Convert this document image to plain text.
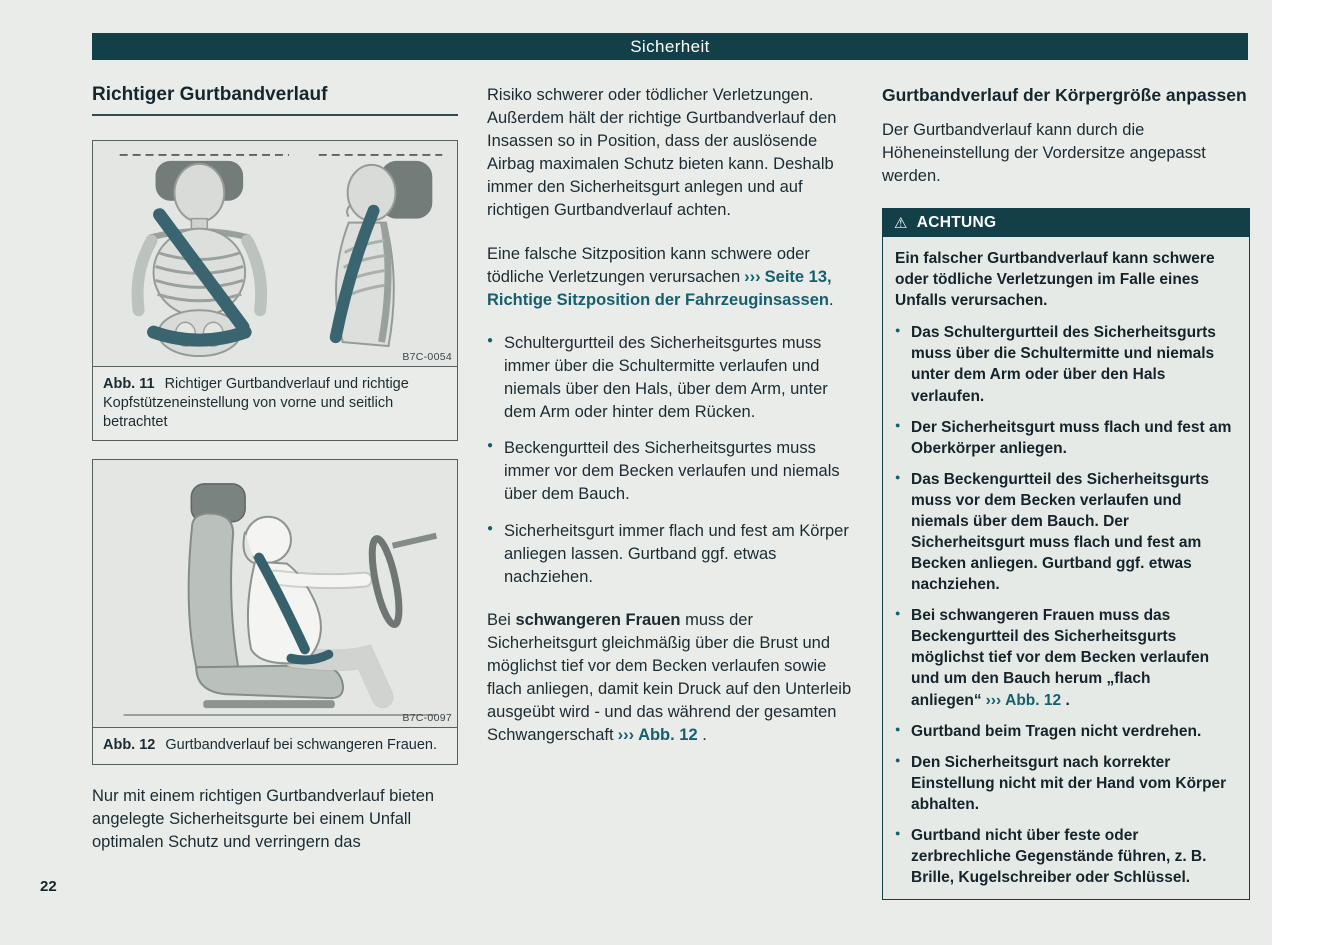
Sicherheit
Richtiger Gurtbandverlauf
B7C-0054
Abb. 11 Richtiger Gurtbandverlauf und richtige Kopfstützeneinstellung von vorne und seitlich betrachtet
B7C-0097
Abb. 12 Gurtbandverlauf bei schwangeren Frauen.

Nur mit einem richtigen Gurtbandverlauf bieten angelegte Sicherheitsgurte bei einem Unfall optimalen Schutz und verringern das

Risiko schwerer oder tödlicher Verletzungen. Außerdem hält der richtige Gurtbandverlauf den Insassen so in Position, dass der auslösende Airbag maximalen Schutz bieten kann. Deshalb immer den Sicherheitsgurt anlegen und auf richtigen Gurtbandverlauf achten.

Eine falsche Sitzposition kann schwere oder tödliche Verletzungen verursachen ››› Seite 13, Richtige Sitzposition der Fahrzeuginsassen.

● Schultergurtteil des Sicherheitsgurtes muss immer über die Schultermitte verlaufen und niemals über den Hals, über dem Arm, unter dem Arm oder hinter dem Rücken.
● Beckengurtteil des Sicherheitsgurtes muss immer vor dem Becken verlaufen und niemals über dem Bauch.
● Sicherheitsgurt immer flach und fest am Körper anliegen lassen. Gurtband ggf. etwas nachziehen.

Bei schwangeren Frauen muss der Sicherheitsgurt gleichmäßig über die Brust und möglichst tief vor dem Becken verlaufen sowie flach anliegen, damit kein Druck auf den Unterleib ausgeübt wird - und das während der gesamten Schwangerschaft ››› Abb. 12 .

Gurtbandverlauf der Körpergröße anpassen

Der Gurtbandverlauf kann durch die Höheneinstellung der Vordersitze angepasst werden.

⚠ ACHTUNG

Ein falscher Gurtbandverlauf kann schwere oder tödliche Verletzungen im Falle eines Unfalls verursachen.

● Das Schultergurtteil des Sicherheitsgurts muss über die Schultermitte und niemals unter dem Arm oder über den Hals verlaufen.
● Der Sicherheitsgurt muss flach und fest am Oberkörper anliegen.
● Das Beckengurtteil des Sicherheitsgurts muss vor dem Becken verlaufen und niemals über dem Bauch. Der Sicherheitsgurt muss flach und fest am Becken anliegen. Gurtband ggf. etwas nachziehen.
● Bei schwangeren Frauen muss das Beckengurtteil des Sicherheitsgurts möglichst tief vor dem Becken verlaufen und um den Bauch herum „flach anliegen“ ››› Abb. 12 .
● Gurtband beim Tragen nicht verdrehen.
● Den Sicherheitsgurt nach korrekter Einstellung nicht mit der Hand vom Körper abhalten.
● Gurtband nicht über feste oder zerbrechliche Gegenstände führen, z. B. Brille, Kugelschreiber oder Schlüssel.
22
